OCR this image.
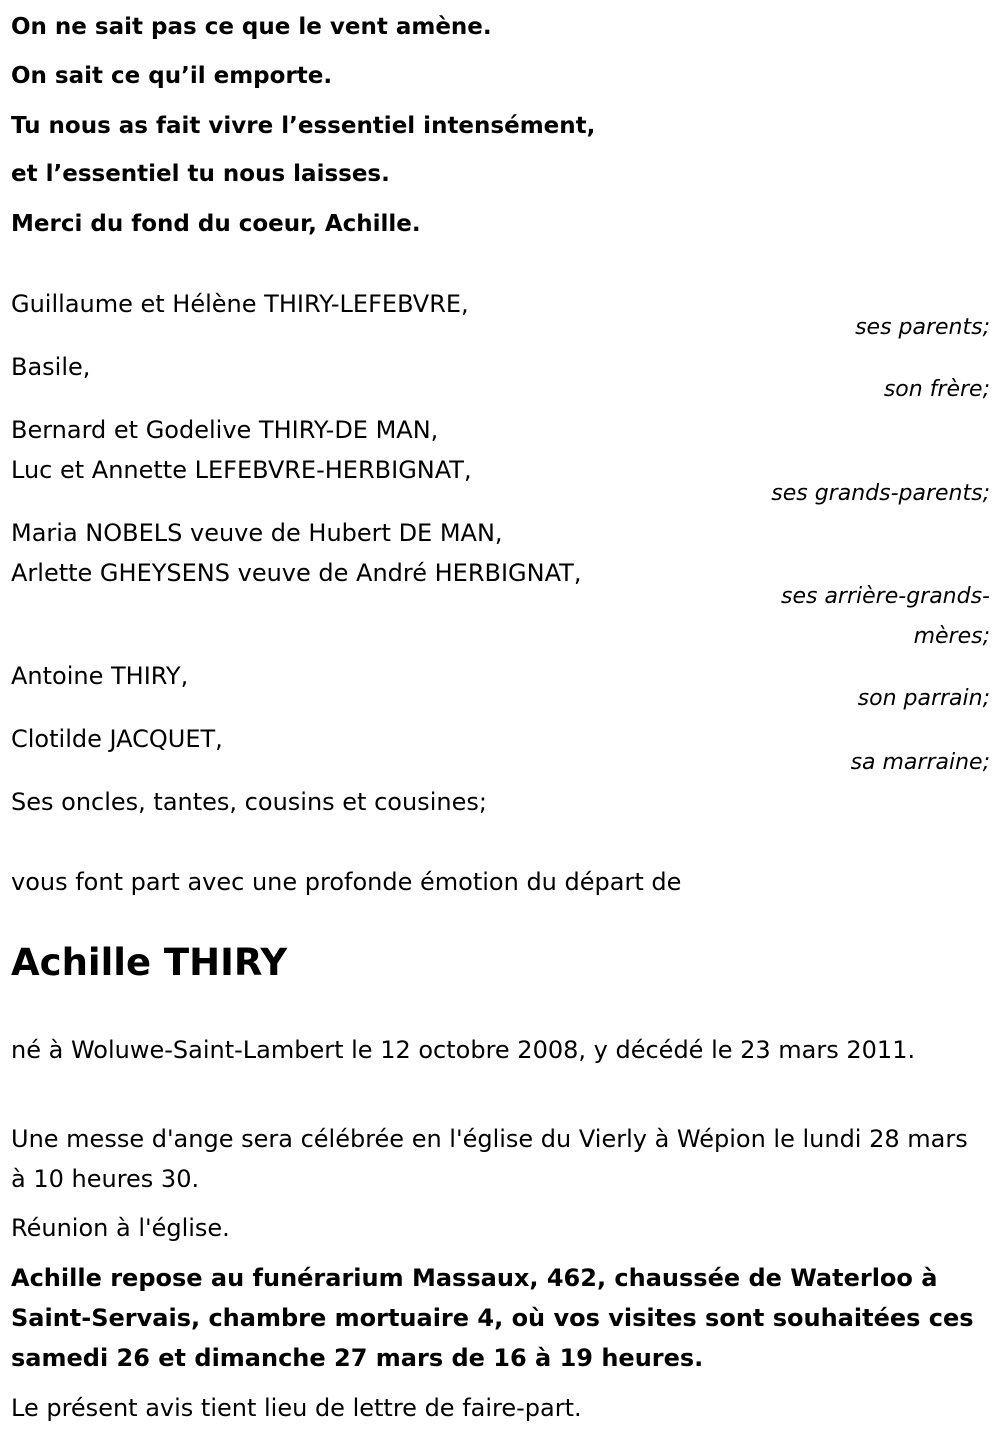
On ne sait pas ce que le vent amène.
On sait ce qu’il emporte.
Tu nous as fait vivre l’essentiel intensément,
et l’essentiel tu nous laisses.
Merci du fond du coeur, Achille.
Guillaume et Hélène THIRY-LEFEBVRE,
ses parents;
Basile,
son frère;
Bernard et Godelive THIRY-DE MAN,
Luc et Annette LEFEBVRE-HERBIGNAT,
ses grands-parents;
Maria NOBELS veuve de Hubert DE MAN,
Arlette GHEYSENS veuve de André HERBIGNAT,
ses arrière-grands-mères;
Antoine THIRY,
son parrain;
Clotilde JACQUET,
sa marraine;
Ses oncles, tantes, cousins et cousines;
vous font part avec une profonde émotion du départ de
Achille THIRY
né à Woluwe-Saint-Lambert le 12 octobre 2008, y décédé le 23 mars 2011.
Une messe d'ange sera célébrée en l'église du Vierly à Wépion le lundi 28 mars à 10 heures 30.
Réunion à l'église.
Achille repose au funérarium Massaux, 462, chaussée de Waterloo à Saint-Servais, chambre mortuaire 4, où vos visites sont souhaitées ces samedi 26 et dimanche 27 mars de 16 à 19 heures.
Le présent avis tient lieu de lettre de faire-part.
